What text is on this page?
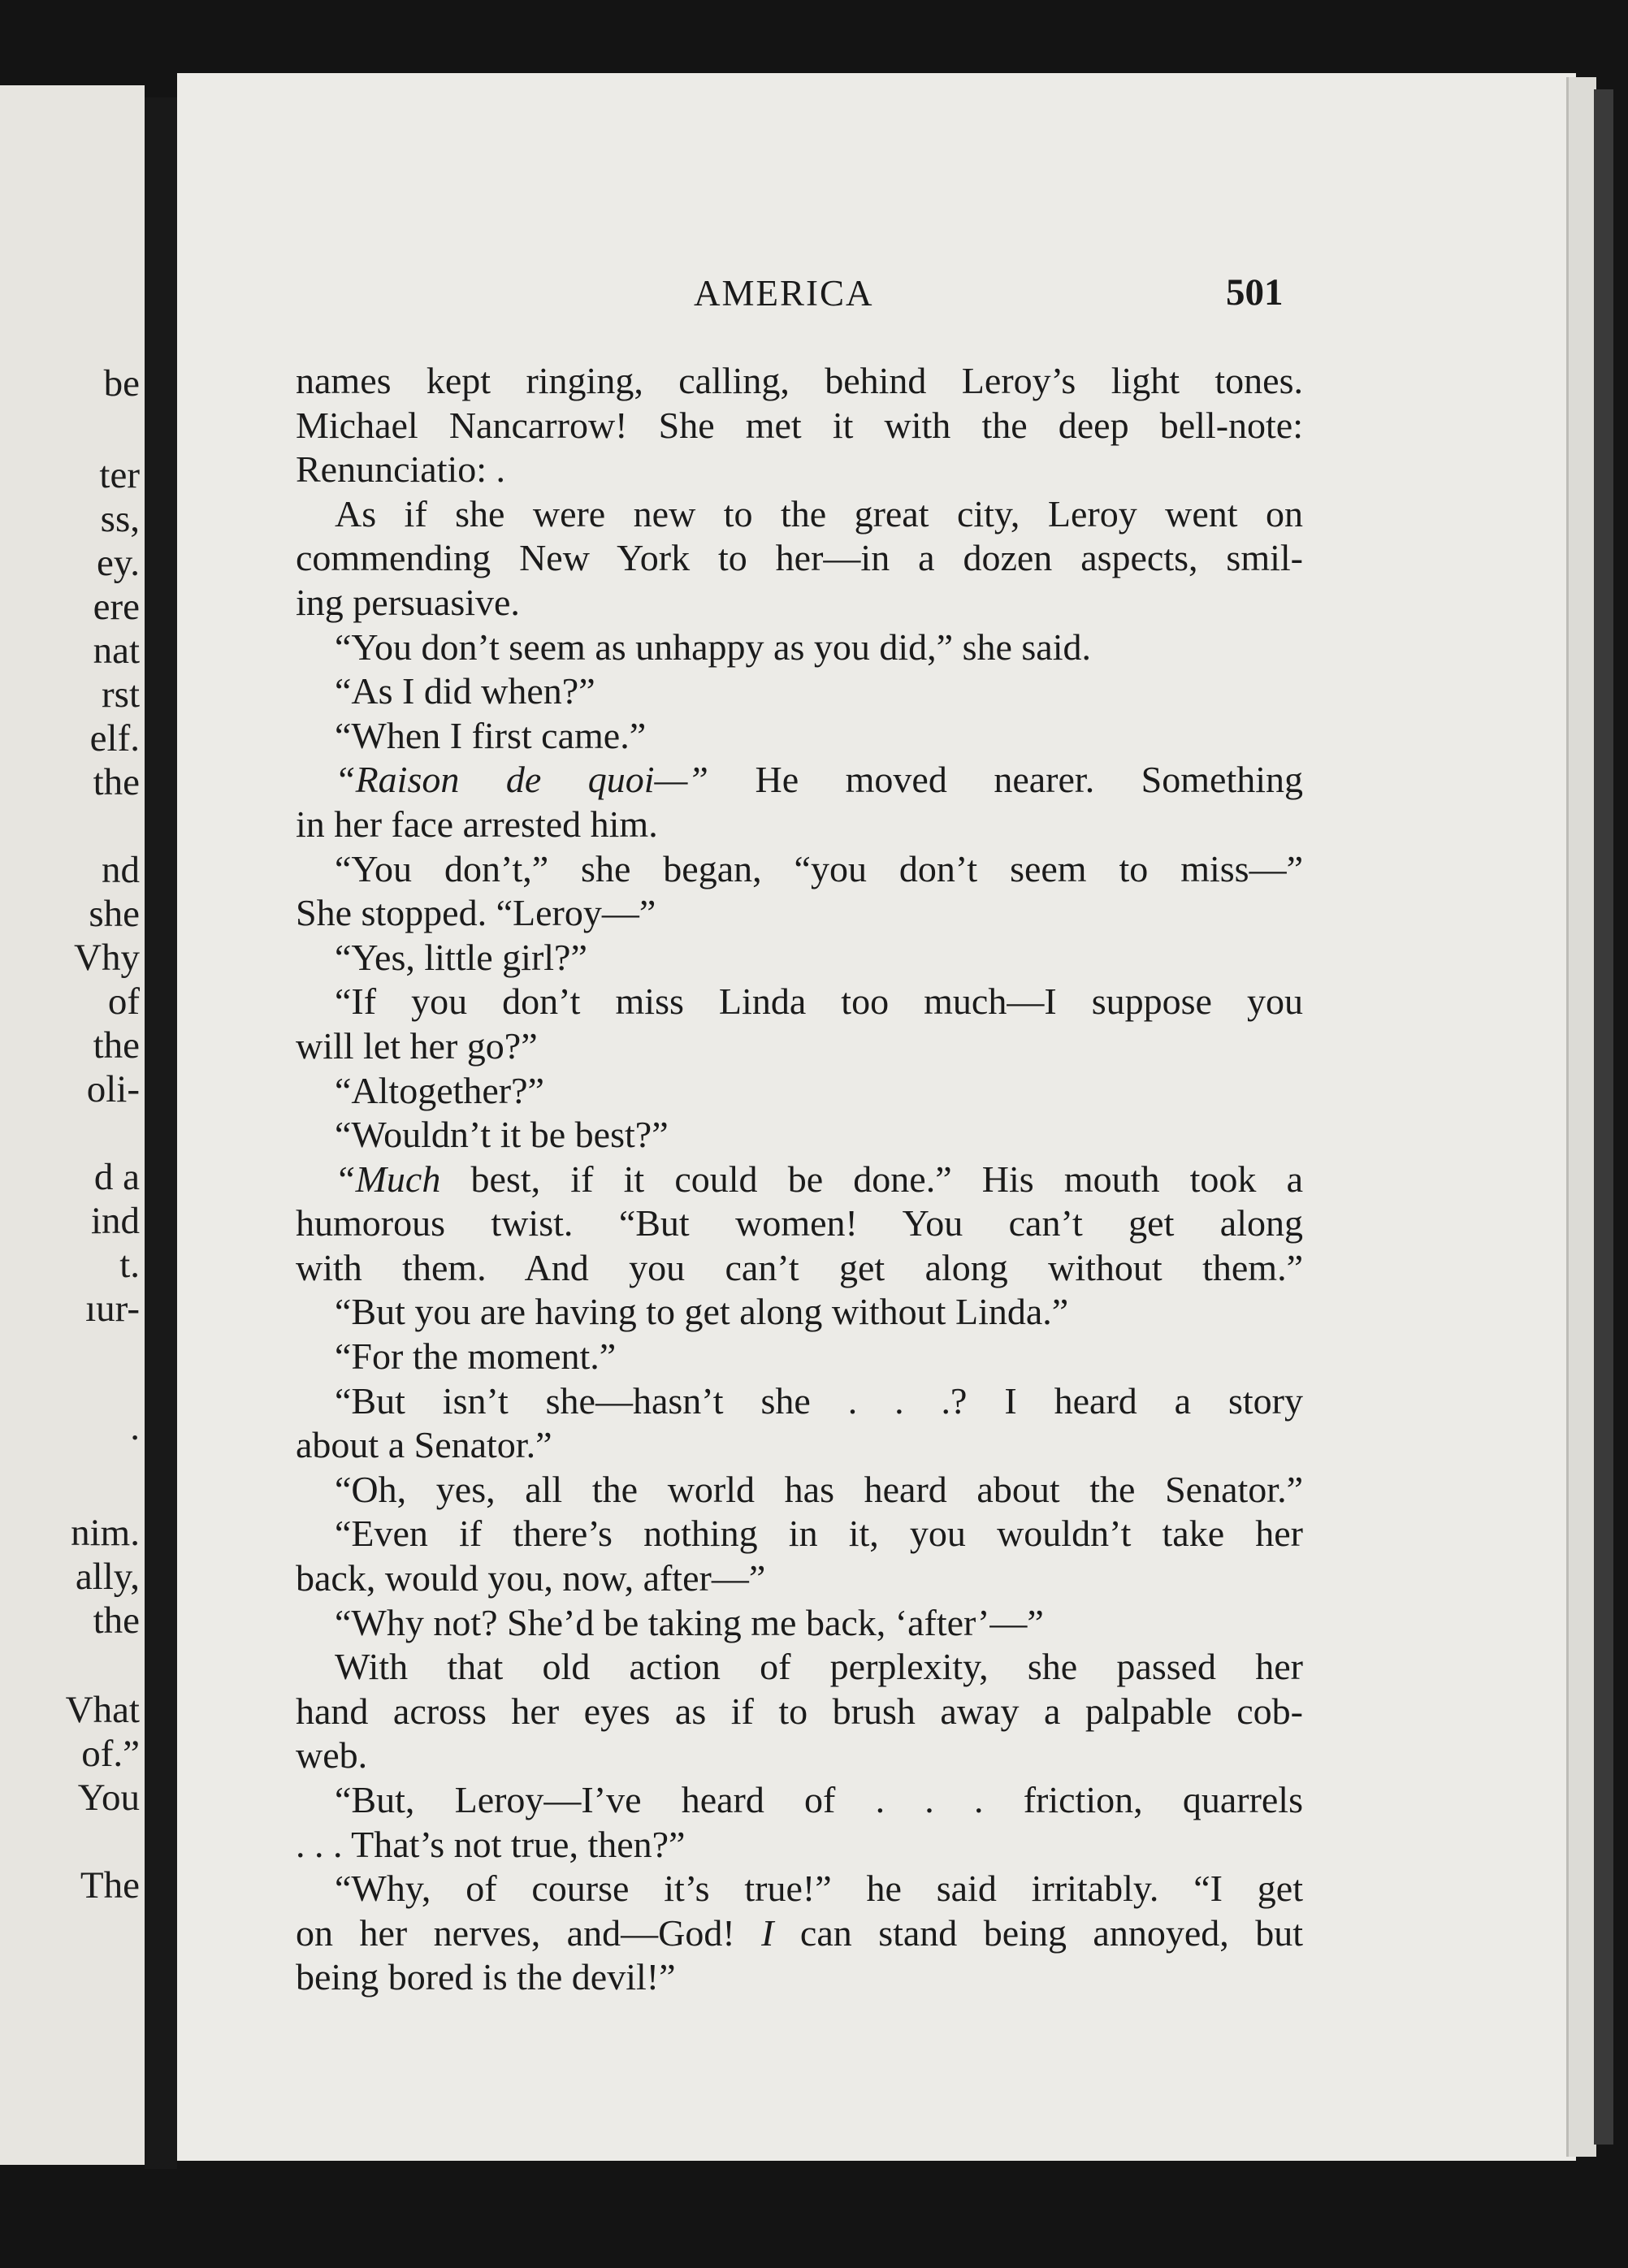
be
ter
ss,
ey.
ere
nat
rst
elf.
the
nd
she
Vhy
of
the
oli-
d a
ind
t.
ıur-
.
nim.
ally,
the
Vhat
of.”
You
The
AMERICA	501
names kept ringing, calling, behind Leroy’s light tones.
Michael Nancarrow! She met it with the deep bell-note:
Renunciatio: .
As if she were new to the great city, Leroy went on
commending New York to her—in a dozen aspects, smil-
ing persuasive.
“You don’t seem as unhappy as you did,” she said.
“As I did when?”
“When I first came.”
“Raison de quoi—” He moved nearer. Something
in her face arrested him.
“You don’t,” she began, “you don’t seem to miss—”
She stopped. “Leroy—”
“Yes, little girl?”
“If you don’t miss Linda too much—I suppose you
will let her go?”
“Altogether?”
“Wouldn’t it be best?”
“Much best, if it could be done.” His mouth took a
humorous twist. “But women! You can’t get along
with them. And you can’t get along without them.”
“But you are having to get along without Linda.”
“For the moment.”
“But isn’t she—hasn’t she . . .? I heard a story
about a Senator.”
“Oh, yes, all the world has heard about the Senator.”
“Even if there’s nothing in it, you wouldn’t take her
back, would you, now, after—”
“Why not? She’d be taking me back, ‘after’—”
With that old action of perplexity, she passed her
hand across her eyes as if to brush away a palpable cob-
web.
“But, Leroy—I’ve heard of . . . friction, quarrels
. . . That’s not true, then?”
“Why, of course it’s true!” he said irritably. “I get
on her nerves, and—God! I can stand being annoyed, but
being bored is the devil!”
